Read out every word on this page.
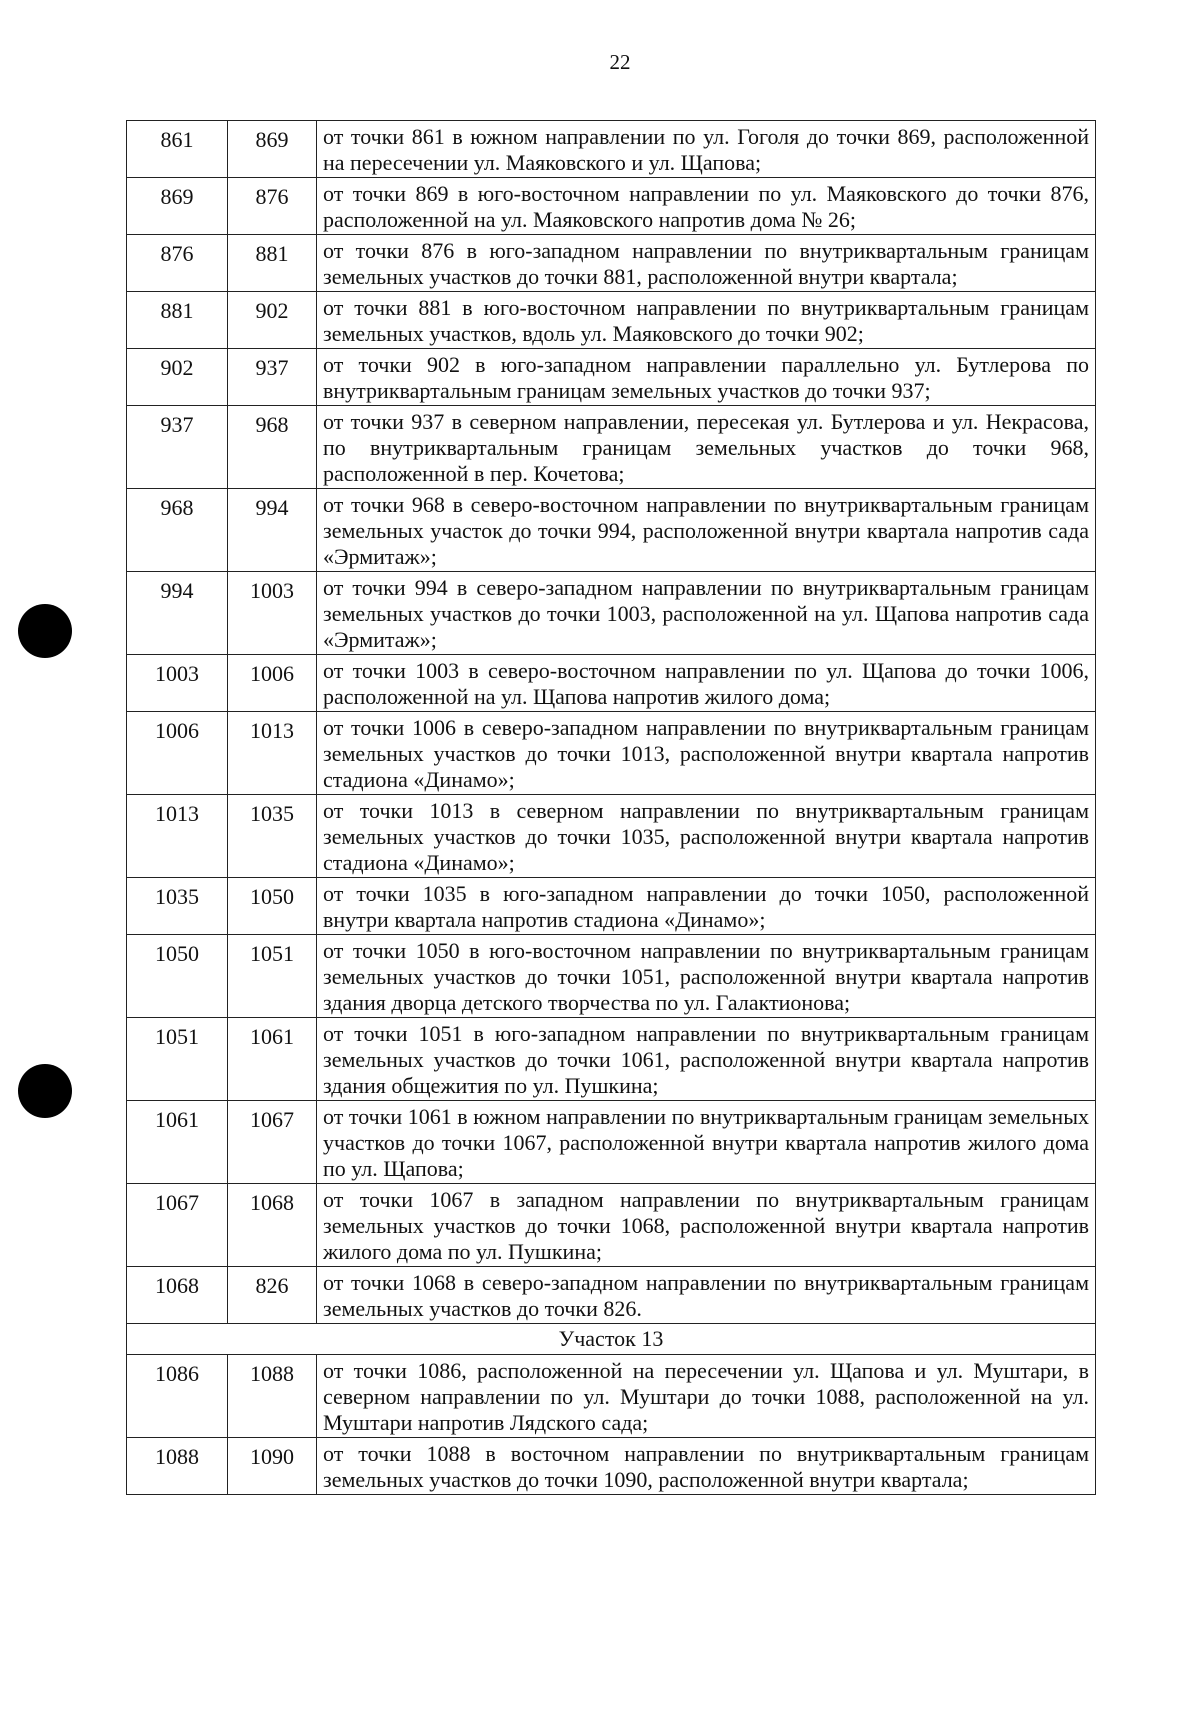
22
861	869	от точки 861 в южном направлении по ул. Гоголя до точки 869, расположенной на пересечении ул. Маяковского и ул. Щапова;
869	876	от точки 869 в юго-восточном направлении по ул. Маяковского до точки 876, расположенной на ул. Маяковского напротив дома № 26;
876	881	от точки 876 в юго-западном направлении по внутриквартальным границам земельных участков до точки 881, расположенной внутри квартала;
881	902	от точки 881 в юго-восточном направлении по внутриквартальным границам земельных участков, вдоль ул. Маяковского до точки 902;
902	937	от точки 902 в юго-западном направлении параллельно ул. Бутлерова по внутриквартальным границам земельных участков до точки 937;
937	968	от точки 937 в северном направлении, пересекая ул. Бутлерова и ул. Некрасова, по внутриквартальным границам земельных участков до точки 968, расположенной в пер. Кочетова;
968	994	от точки 968 в северо-восточном направлении по внутриквартальным границам земельных участок до точки 994, расположенной внутри квартала напротив сада «Эрмитаж»;
994	1003	от точки 994 в северо-западном направлении по внутриквартальным границам земельных участков до точки 1003, расположенной на ул. Щапова напротив сада «Эрмитаж»;
1003	1006	от точки 1003 в северо-восточном направлении по ул. Щапова до точки 1006, расположенной на ул. Щапова напротив жилого дома;
1006	1013	от точки 1006 в северо-западном направлении по внутриквартальным границам земельных участков до точки 1013, расположенной внутри квартала напротив стадиона «Динамо»;
1013	1035	от точки 1013 в северном направлении по внутриквартальным границам земельных участков до точки 1035, расположенной внутри квартала напротив стадиона «Динамо»;
1035	1050	от точки 1035 в юго-западном направлении до точки 1050, расположенной внутри квартала напротив стадиона «Динамо»;
1050	1051	от точки 1050 в юго-восточном направлении по внутриквартальным границам земельных участков до точки 1051, расположенной внутри квартала напротив здания дворца детского творчества по ул. Галактионова;
1051	1061	от точки 1051 в юго-западном направлении по внутриквартальным границам земельных участков до точки 1061, расположенной внутри квартала напротив здания общежития по ул. Пушкина;
1061	1067	от точки 1061 в южном направлении по внутриквартальным границам земельных участков до точки 1067, расположенной внутри квартала напротив жилого дома по ул. Щапова;
1067	1068	от точки 1067 в западном направлении по внутриквартальным границам земельных участков до точки 1068, расположенной внутри квартала напротив жилого дома по ул. Пушкина;
1068	826	от точки 1068 в северо-западном направлении по внутриквартальным границам земельных участков до точки 826.
Участок 13		
1086	1088	от точки 1086, расположенной на пересечении ул. Щапова и ул. Муштари, в северном направлении по ул. Муштари до точки 1088, расположенной на ул. Муштари напротив Лядского сада;
1088	1090	от точки 1088 в восточном направлении по внутриквартальным границам земельных участков до точки 1090, расположенной внутри квартала;
